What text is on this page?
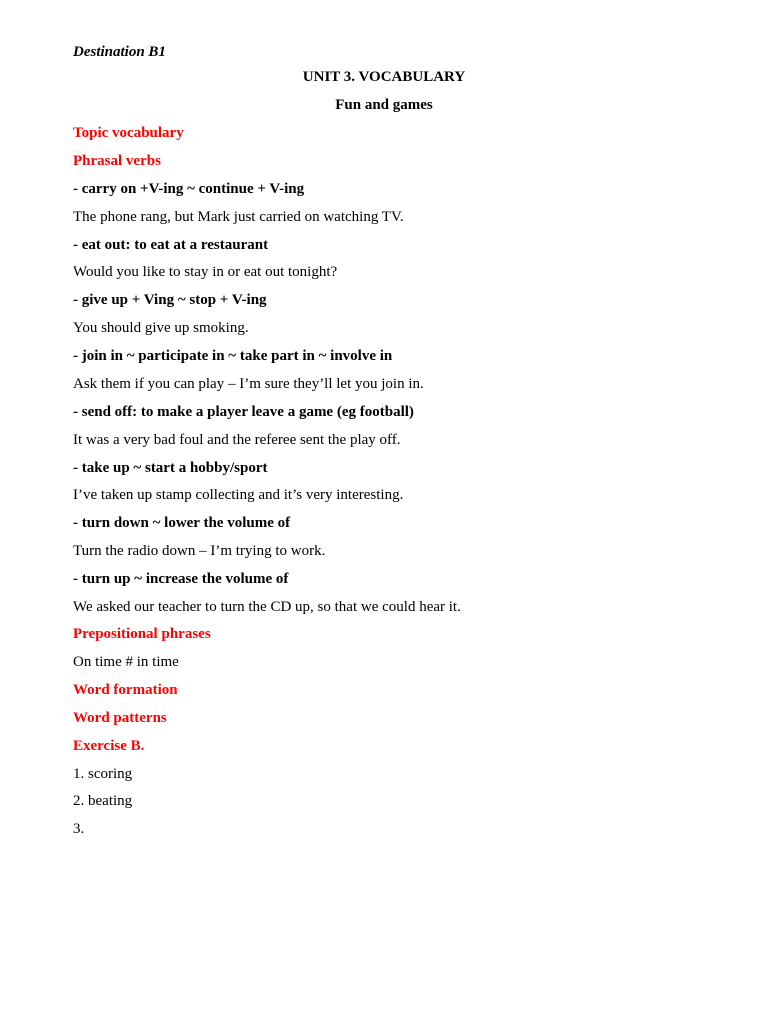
Destination B1
UNIT 3. VOCABULARY
Fun and games
Topic vocabulary
Phrasal verbs
- carry on +V-ing ~ continue + V-ing
The phone rang, but Mark just carried on watching TV.
- eat out: to eat at a restaurant
Would you like to stay in or eat out tonight?
- give up + Ving ~ stop + V-ing
You should give up smoking.
- join in ~ participate in ~ take part in ~ involve in
Ask them if you can play – I’m sure they’ll let you join in.
- send off: to make a player leave a game (eg football)
It was a very bad foul and the referee sent the play off.
- take up ~ start a hobby/sport
I’ve taken up stamp collecting and it’s very interesting.
- turn down ~ lower the volume of
Turn the radio down – I’m trying to work.
- turn up ~ increase the volume of
We asked our teacher to turn the CD up, so that we could hear it.
Prepositional phrases
On time # in time
Word formation
Word patterns
Exercise B.
1. scoring
2. beating
3.
